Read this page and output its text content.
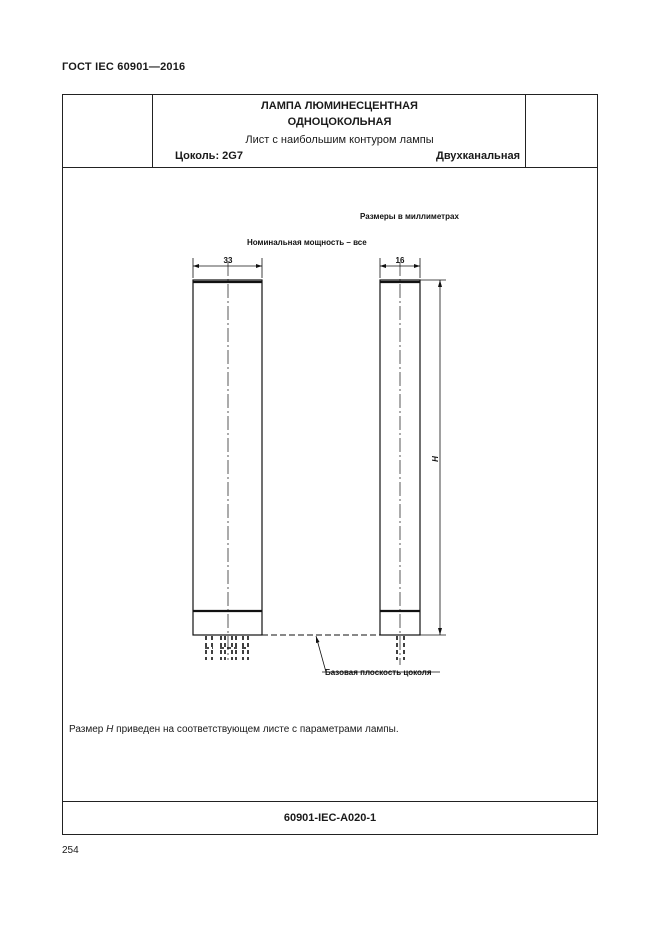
ГОСТ IEC 60901—2016
ЛАМПА ЛЮМИНЕСЦЕНТНАЯ
ОДНОЦОКОЛЬНАЯ
Лист с наибольшим контуром лампы
Цоколь: 2G7	Двухканальная
60901-IEC-A020-1
Размеры в миллиметрах
Номинальная мощность – все
33	16
H
Базовая плоскость цоколя
Размер H приведен на соответствующем листе с параметрами лампы.
254
